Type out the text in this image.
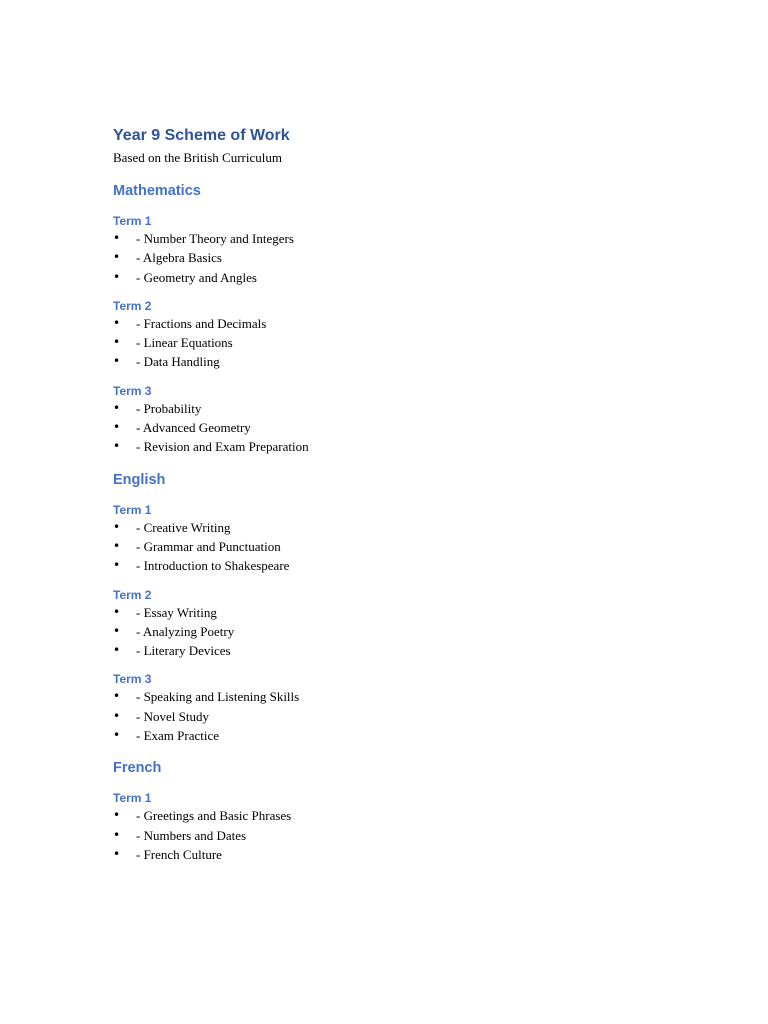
Year 9 Scheme of Work

Based on the British Curriculum

Mathematics
Term 1
• - Number Theory and Integers
• - Algebra Basics
• - Geometry and Angles
Term 2
• - Fractions and Decimals
• - Linear Equations
• - Data Handling
Term 3
• - Probability
• - Advanced Geometry
• - Revision and Exam Preparation
English
Term 1
• - Creative Writing
• - Grammar and Punctuation
• - Introduction to Shakespeare
Term 2
• - Essay Writing
• - Analyzing Poetry
• - Literary Devices
Term 3
• - Speaking and Listening Skills
• - Novel Study
• - Exam Practice
French
Term 1
• - Greetings and Basic Phrases
• - Numbers and Dates
• - French Culture
